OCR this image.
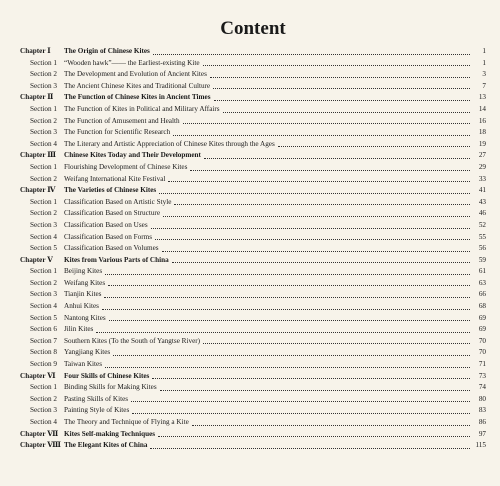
Content
Chapter Ⅰ	The Origin of Chinese Kites	1
Section 1 “Wooden hawk”—— the Earliest-existing Kite	1
Section 2 The Development and Evolution of Ancient Kites	3
Section 3 The Ancient Chinese Kites and Traditional Culture	7
Chapter Ⅱ	The Function of Chinese Kites in Ancient Times	13
Section 1 The Function of Kites in Political and Military Affairs	14
Section 2 The Function of Amusement and Health	16
Section 3 The Function for Scientific Research	18
Section 4 The Literary and Artistic Appreciation of Chinese Kites through the Ages	19
Chapter Ⅲ	Chinese Kites Today and Their Development	27
Section 1 Flourishing Development of Chinese Kites	29
Section 2 Weifang International Kite Festival	33
Chapter Ⅳ	The Varieties of Chinese Kites	41
Section 1 Classification Based on Artistic Style	43
Section 2 Classification Based on Structure	46
Section 3 Classification Based on Uses	52
Section 4 Classification Based on Forms	55
Section 5 Classification Based on Volumes	56
Chapter Ⅴ	Kites from Various Parts of China	59
Section 1 Beijing Kites	61
Section 2 Weifang Kites	63
Section 3 Tianjin Kites	66
Section 4 Anhui Kites	68
Section 5 Nantong Kites	69
Section 6 Jilin Kites	69
Section 7 Southern Kites (To the South of Yangtse River)	70
Section 8 Yangjiang Kites	70
Section 9 Taiwan Kites	71
Chapter Ⅵ	Four Skills of Chinese Kites	73
Section 1 Binding Skills for Making Kites	74
Section 2 Pasting Skills of Kites	80
Section 3 Painting Style of Kites	83
Section 4 The Theory and Technique of Flying a Kite	86
Chapter Ⅶ Kites Self-making Techniques	97
Chapter Ⅷ The Elegant Kites of China	115
